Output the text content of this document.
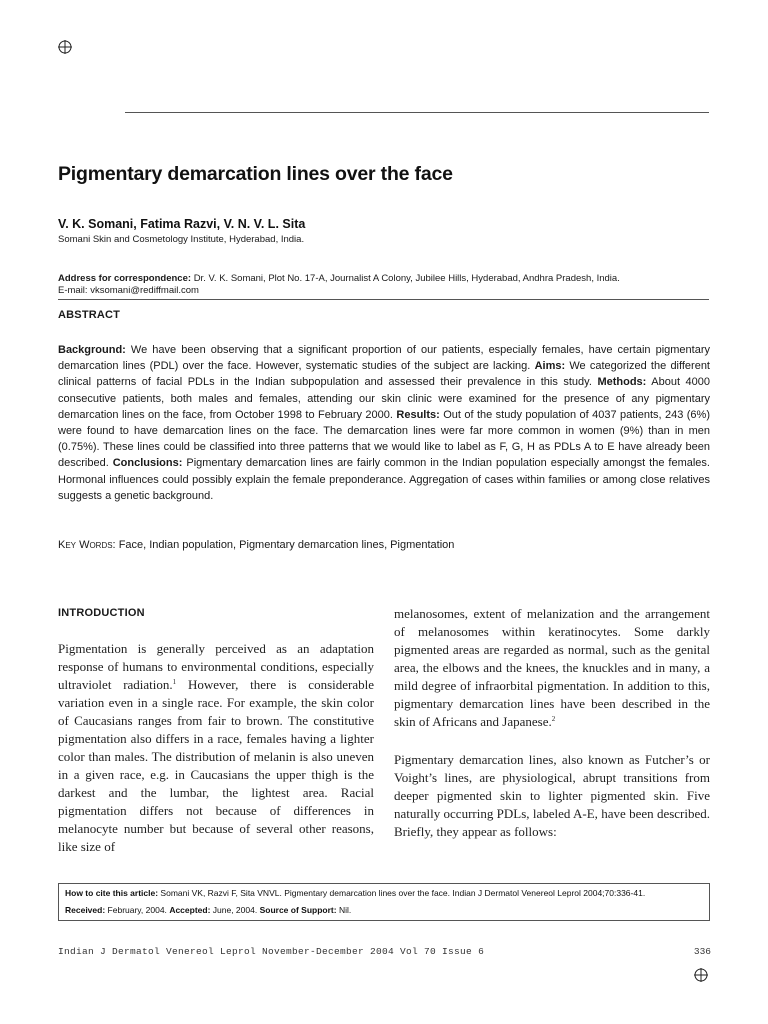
Pigmentary demarcation lines over the face
V. K. Somani, Fatima Razvi, V. N. V. L. Sita
Somani Skin and Cosmetology Institute, Hyderabad, India.
Address for correspondence: Dr. V. K. Somani, Plot No. 17-A, Journalist A Colony, Jubilee Hills, Hyderabad, Andhra Pradesh, India.
E-mail: vksomani@rediffmail.com
ABSTRACT
Background: We have been observing that a significant proportion of our patients, especially females, have certain pigmentary demarcation lines (PDL) over the face. However, systematic studies of the subject are lacking. Aims: We categorized the different clinical patterns of facial PDLs in the Indian subpopulation and assessed their prevalence in this study. Methods: About 4000 consecutive patients, both males and females, attending our skin clinic were examined for the presence of any pigmentary demarcation lines on the face, from October 1998 to February 2000. Results: Out of the study population of 4037 patients, 243 (6%) were found to have demarcation lines on the face. The demarcation lines were far more common in women (9%) than in men (0.75%). These lines could be classified into three patterns that we would like to label as F, G, H as PDLs A to E have already been described. Conclusions: Pigmentary demarcation lines are fairly common in the Indian population especially amongst the females. Hormonal influences could possibly explain the female preponderance. Aggregation of cases within families or among close relatives suggests a genetic background.
Key Words: Face, Indian population, Pigmentary demarcation lines, Pigmentation
INTRODUCTION

Pigmentation is generally perceived as an adaptation response of humans to environmental conditions, especially ultraviolet radiation.$^1$ However, there is considerable variation even in a single race. For example, the skin color of Caucasians ranges from fair to brown. The constitutive pigmentation also differs in a race, females having a lighter color than males. The distribution of melanin is also uneven in a given race, e.g. in Caucasians the upper thigh is the darkest and the lumbar, the lightest area. Racial pigmentation differs not because of differences in melanocyte number but because of several other reasons, like size of

melanosomes, extent of melanization and the arrangement of melanosomes within keratinocytes. Some darkly pigmented areas are regarded as normal, such as the genital area, the elbows and the knees, the knuckles and in many, a mild degree of infraorbital pigmentation. In addition to this, pigmentary demarcation lines have been described in the skin of Africans and Japanese.$^2$

Pigmentary demarcation lines, also known as Futcher’s or Voight’s lines, are physiological, abrupt transitions from deeper pigmented skin to lighter pigmented skin. Five naturally occurring PDLs, labeled A-E, have been described. Briefly, they appear as follows:

How to cite this article: Somani VK, Razvi F, Sita VNVL. Pigmentary demarcation lines over the face. Indian J Dermatol Venereol Leprol 2004;70:336-41.
Received: February, 2004. Accepted: June, 2004. Source of Support: Nil.
Indian J Dermatol Venereol Leprol November-December 2004 Vol 70 Issue 6	336
